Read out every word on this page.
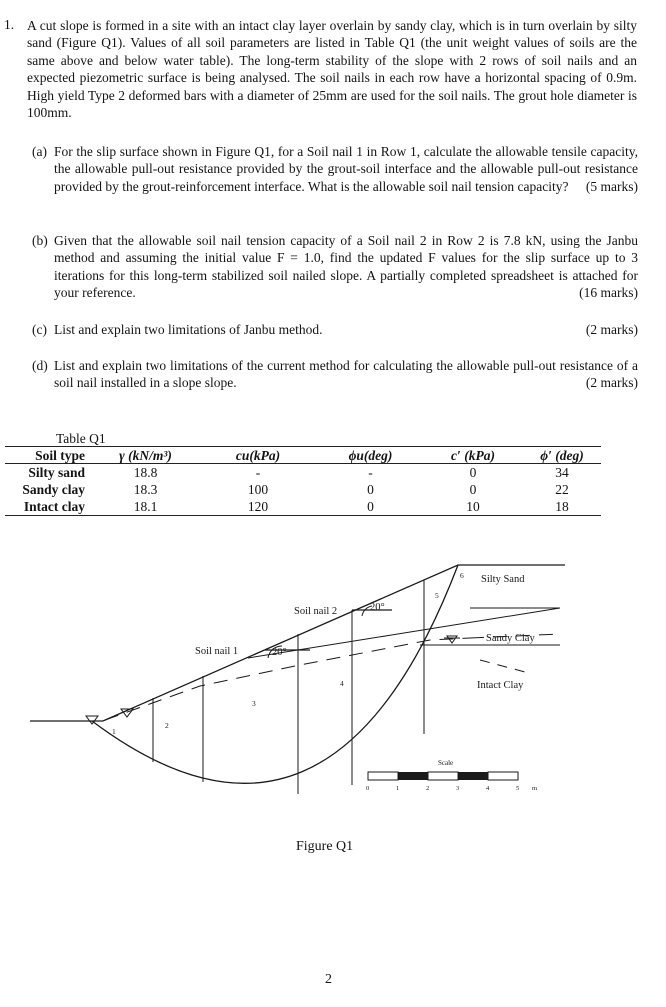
1. A cut slope is formed in a site with an intact clay layer overlain by sandy clay, which is in turn overlain by silty sand (Figure Q1). Values of all soil parameters are listed in Table Q1 (the unit weight values of soils are the same above and below water table). The long-term stability of the slope with 2 rows of soil nails and an expected piezometric surface is being analysed. The soil nails in each row have a horizontal spacing of 0.9m. High yield Type 2 deformed bars with a diameter of 25mm are used for the soil nails. The grout hole diameter is 100mm.
(a) For the slip surface shown in Figure Q1, for a Soil nail 1 in Row 1, calculate the allowable tensile capacity, the allowable pull-out resistance provided by the grout-soil interface and the allowable pull-out resistance provided by the grout-reinforcement interface. What is the allowable soil nail tension capacity? (5 marks)
(b) Given that the allowable soil nail tension capacity of a Soil nail 2 in Row 2 is 7.8 kN, using the Janbu method and assuming the initial value F = 1.0, find the updated F values for the slip surface up to 3 iterations for this long-term stabilized soil nailed slope. A partially completed spreadsheet is attached for your reference.	(16 marks)
(c) List and explain two limitations of Janbu method.	(2 marks)
(d) List and explain two limitations of the current method for calculating the allowable pull-out resistance of a soil nail installed in a slope slope.	(2 marks)
Table Q1
Soil type	γ (kN/m³)	cu(kPa)	ϕu(deg)	c′ (kPa)	ϕ′ (deg)
Silty sand	18.8	-	-	0	34
Sandy clay	18.3	100	0	0	22
Intact clay	18.1	120	0	10	18
Silty Sand
Sandy Clay
Intact Clay
Soil nail 1
Soil nail 2
20°
20°
1
2
3
4
5
6
Scale
0	1	2	3	4	5 m
Figure Q1
2
